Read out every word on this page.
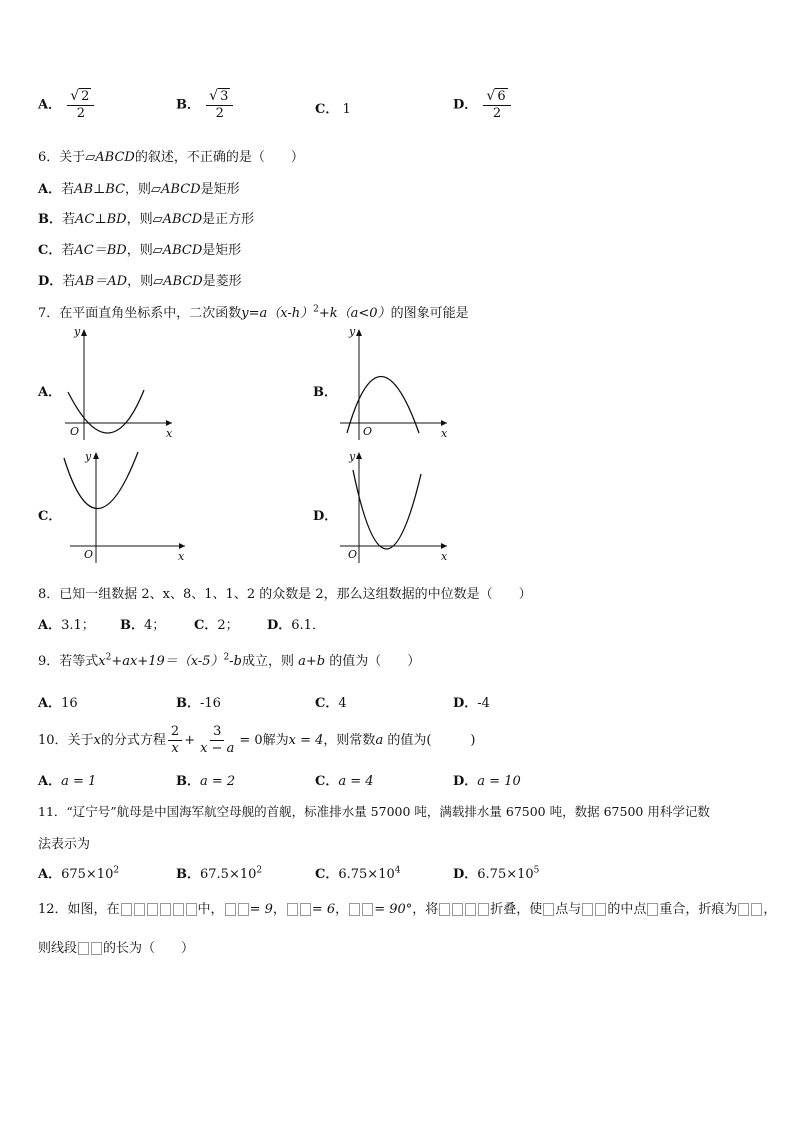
A． $\frac{√ 2}{2}$	B． $\frac{√ 3}{2}$	C． 1	D． $\frac{√ 6}{2}$
6．关于▱ABCD的叙述，不正确的是（　　）
A．若AB⊥BC，则▱ABCD是矩形
B．若AC⊥BD，则▱ABCD是正方形
C．若AC＝BD，则▱ABCD是矩形
D．若AB＝AD，则▱ABCD是菱形
7．在平面直角坐标系中，二次函数$y=a(x-h)^2+k(a<0)$的图象可能是
A．	B．
C．	D．
y
x
O
y
x
O
y
x
O
y
x
O
8．已知一组数据 2、x、8、1、1、2 的众数是 2，那么这组数据的中位数是（　　）
A．3.1； B．4； C．2； D．6.1．
9．若等式$x^2+ax+19=(x-5)^2-b$成立，则 a+b 的值为（　　）
A．16	B．-16	C．4	D．-4
10．关于x的分式方程 $\frac{2}{x} + \frac{3}{x - a} = 0$解为x = 4，则常数a 的值为(　　　)
A．a = 1	B．a = 2	C．a = 4	D．a = 10
11．“辽宁号”航母是中国海军航空母舰的首舰，标准排水量 57000 吨，满载排水量 67500 吨，数据 67500 用科学记数
法表示为
A．$675\times 10^2$	B．$67.5\times 10^2$	C．$6.75\times 10^4$	D．$6.75\times 10^5$
12．如图，在	中， = 9， = 6， = 90°，将	折叠，使 点与 的中点 重合，折痕为 ，
则线段 的长为（　　）
